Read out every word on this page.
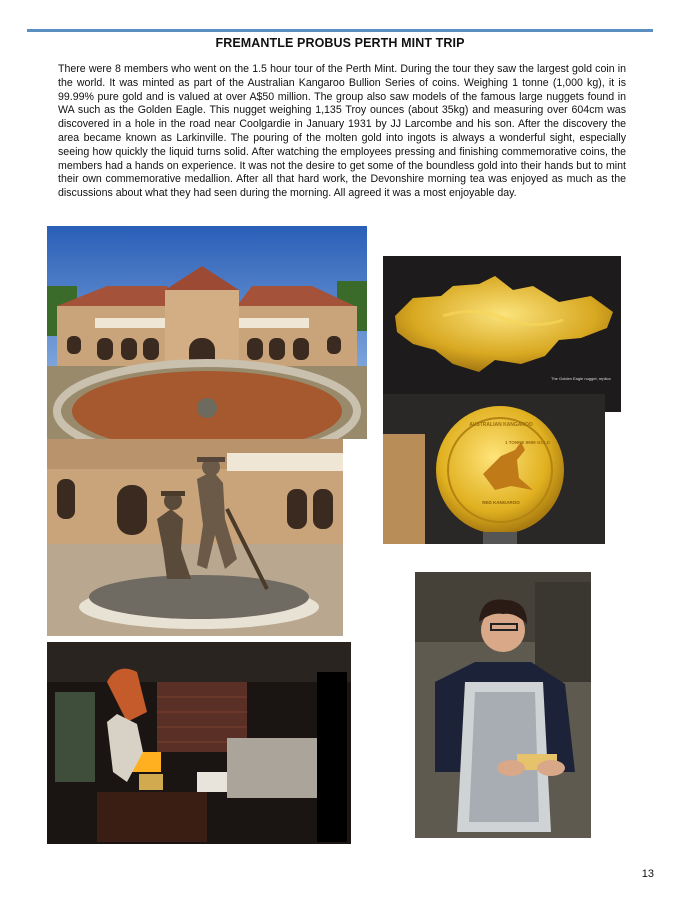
FREMANTLE PROBUS PERTH MINT TRIP

There were 8 members who went on the 1.5 hour tour of the Perth Mint. During the tour they saw the largest gold coin in the world. It was minted as part of the Australian Kangaroo Bullion Series of coins. Weighing 1 tonne (1,000 kg), it is 99.99% pure gold and is valued at over A$50 million. The group also saw models of the famous large nuggets found in WA such as the Golden Eagle. This nugget weighing 1,135 Troy ounces (about 35kg) and measuring over 604cm was discovered in a hole in the road near Coolgardie in January 1931 by JJ Larcombe and his son. After the discovery the area became known as Larkinville. The pouring of the molten gold into ingots is always a wonderful sight, especially seeing how quickly the liquid turns solid. After watching the employees pressing and finishing commemorative coins, the members had a hands on experience. It was not the desire to get some of the boundless gold into their hands but to mint their own commemorative medallion. After all that hard work, the Devonshire morning tea was enjoyed as much as the discussions about what they had seen during the morning. All agreed it was a most enjoyable day.

The Golden Eagle nugget, replica
AUSTRALIAN KANGAROO
1 TONNE 9999 GOLD
RED KANGAROO
13
